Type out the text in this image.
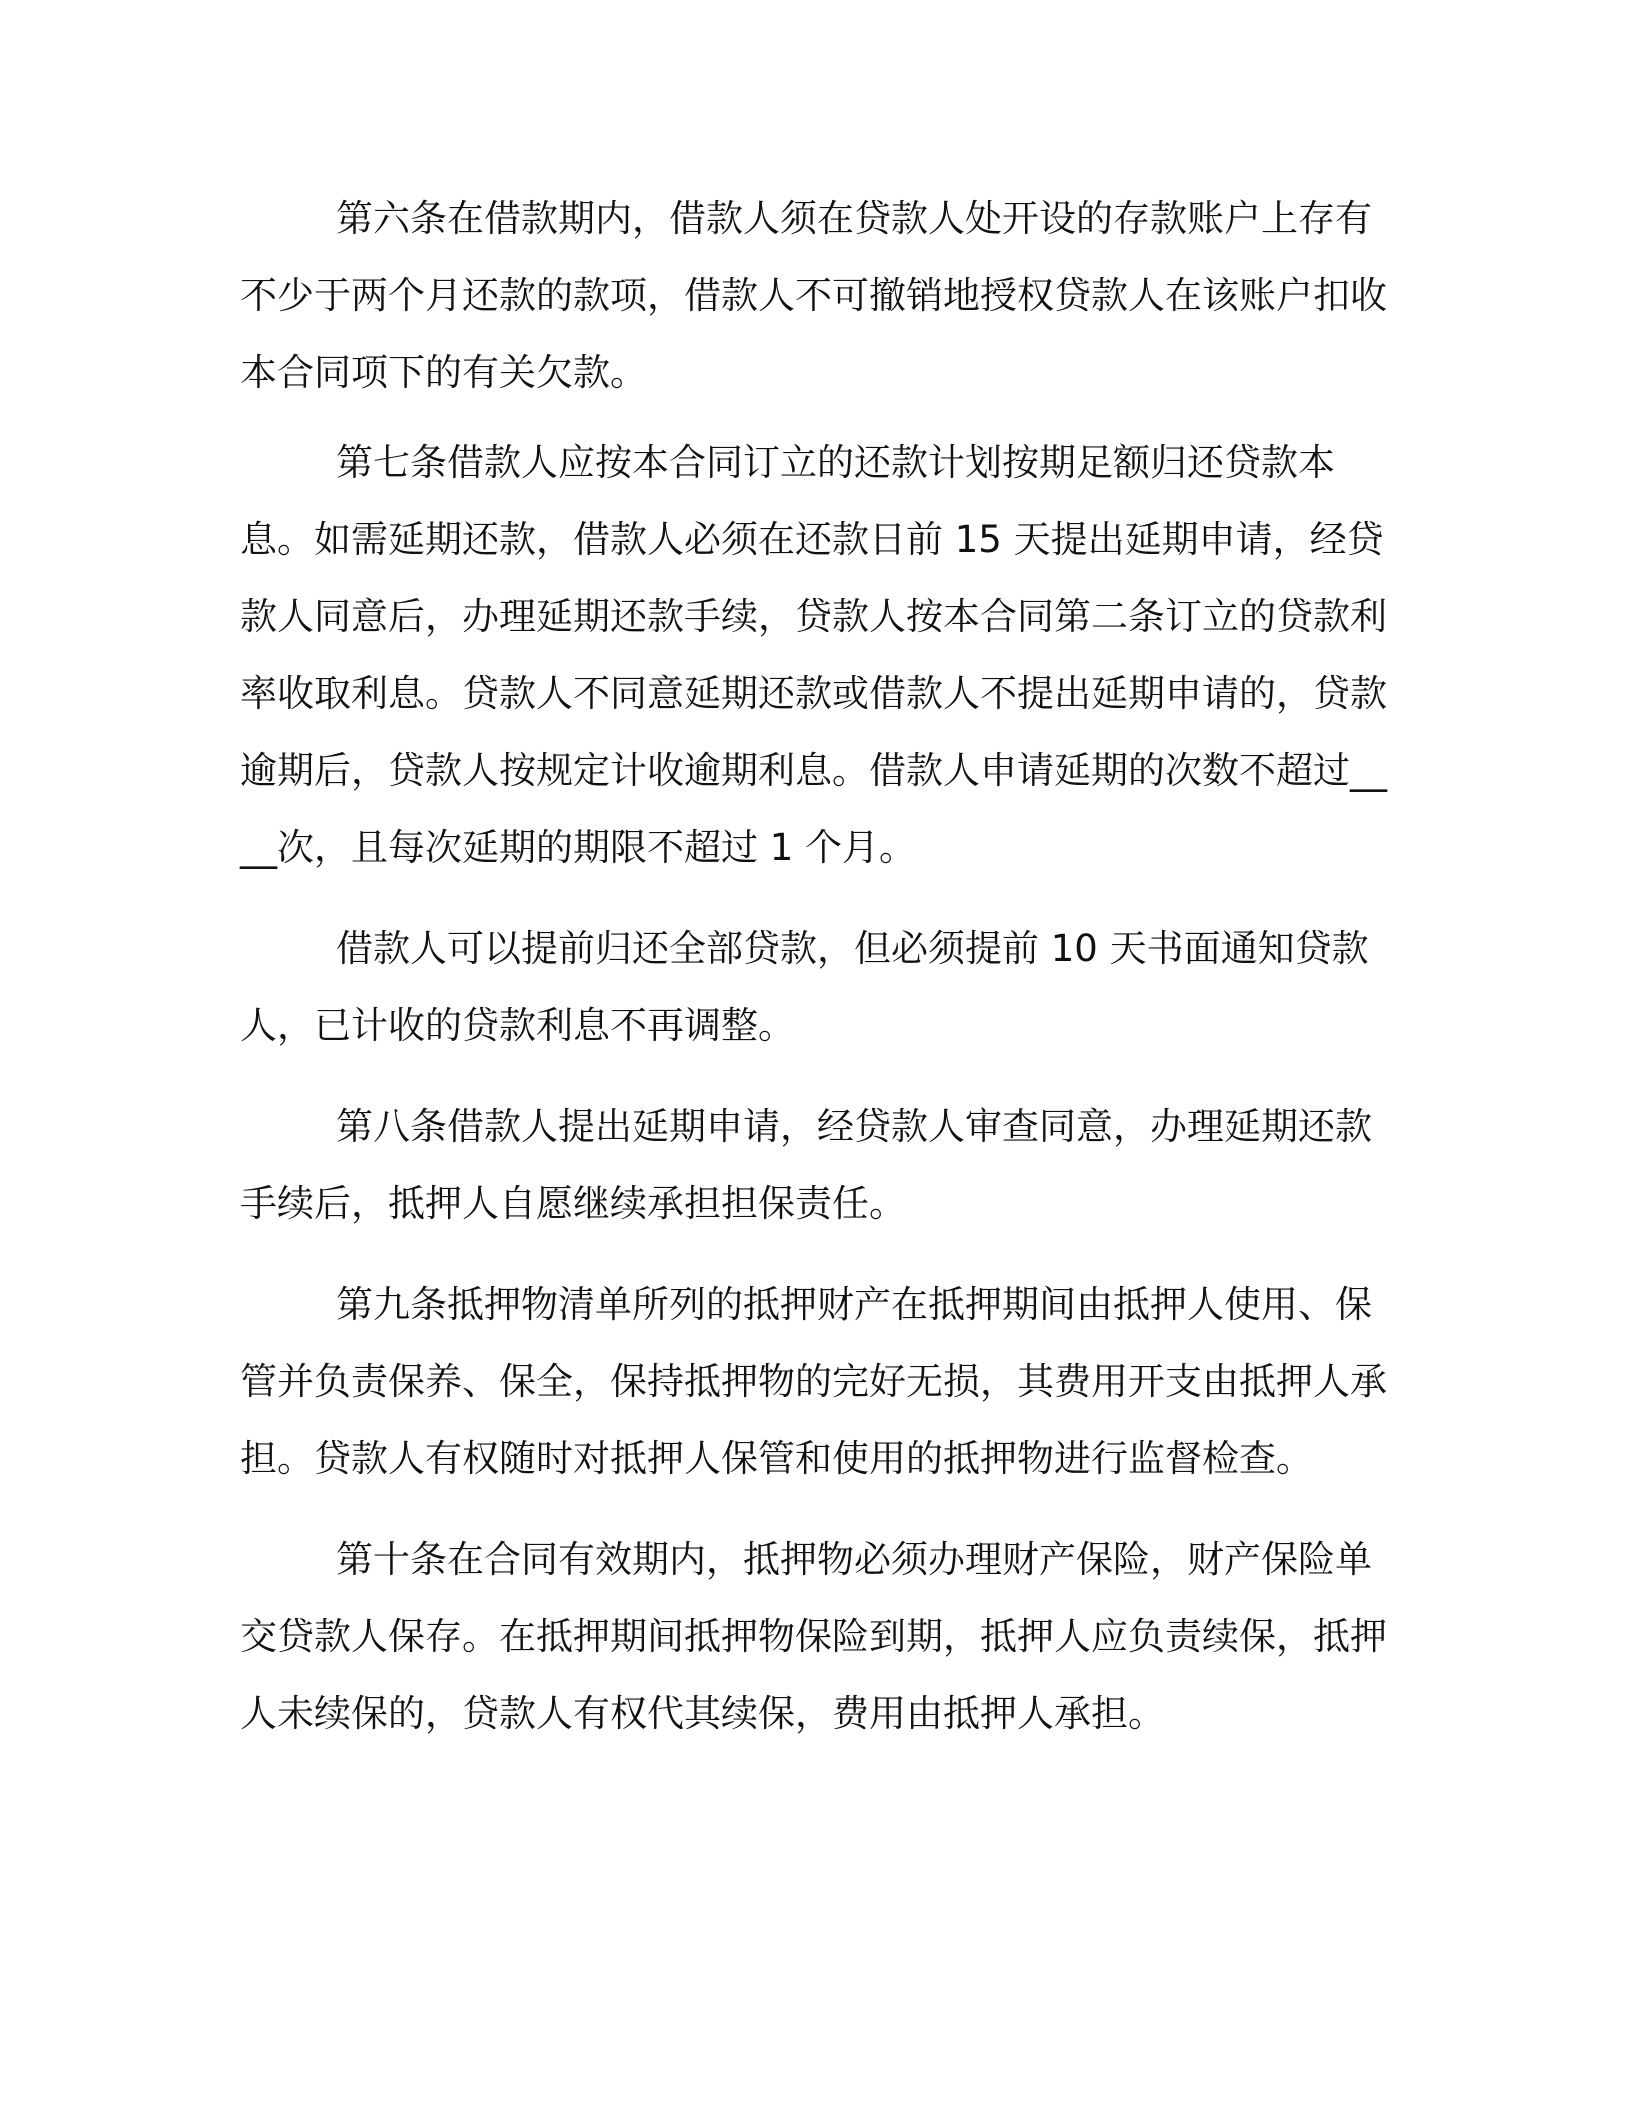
第六条在借款期内，借款人须在贷款人处开设的存款账户上存有不少于两个月还款的款项，借款人不可撤销地授权贷款人在该账户扣收本合同项下的有关欠款。

第七条借款人应按本合同订立的还款计划按期足额归还贷款本息。如需延期还款，借款人必须在还款日前 15 天提出延期申请，经贷款人同意后，办理延期还款手续，贷款人按本合同第二条订立的贷款利率收取利息。贷款人不同意延期还款或借款人不提出延期申请的，贷款逾期后，贷款人按规定计收逾期利息。借款人申请延期的次数不超过____次，且每次延期的期限不超过 1 个月。

借款人可以提前归还全部贷款，但必须提前 10 天书面通知贷款人，已计收的贷款利息不再调整。

第八条借款人提出延期申请，经贷款人审查同意，办理延期还款手续后，抵押人自愿继续承担担保责任。

第九条抵押物清单所列的抵押财产在抵押期间由抵押人使用、保管并负责保养、保全，保持抵押物的完好无损，其费用开支由抵押人承担。贷款人有权随时对抵押人保管和使用的抵押物进行监督检查。

第十条在合同有效期内，抵押物必须办理财产保险，财产保险单交贷款人保存。在抵押期间抵押物保险到期，抵押人应负责续保，抵押人未续保的，贷款人有权代其续保，费用由抵押人承担。
